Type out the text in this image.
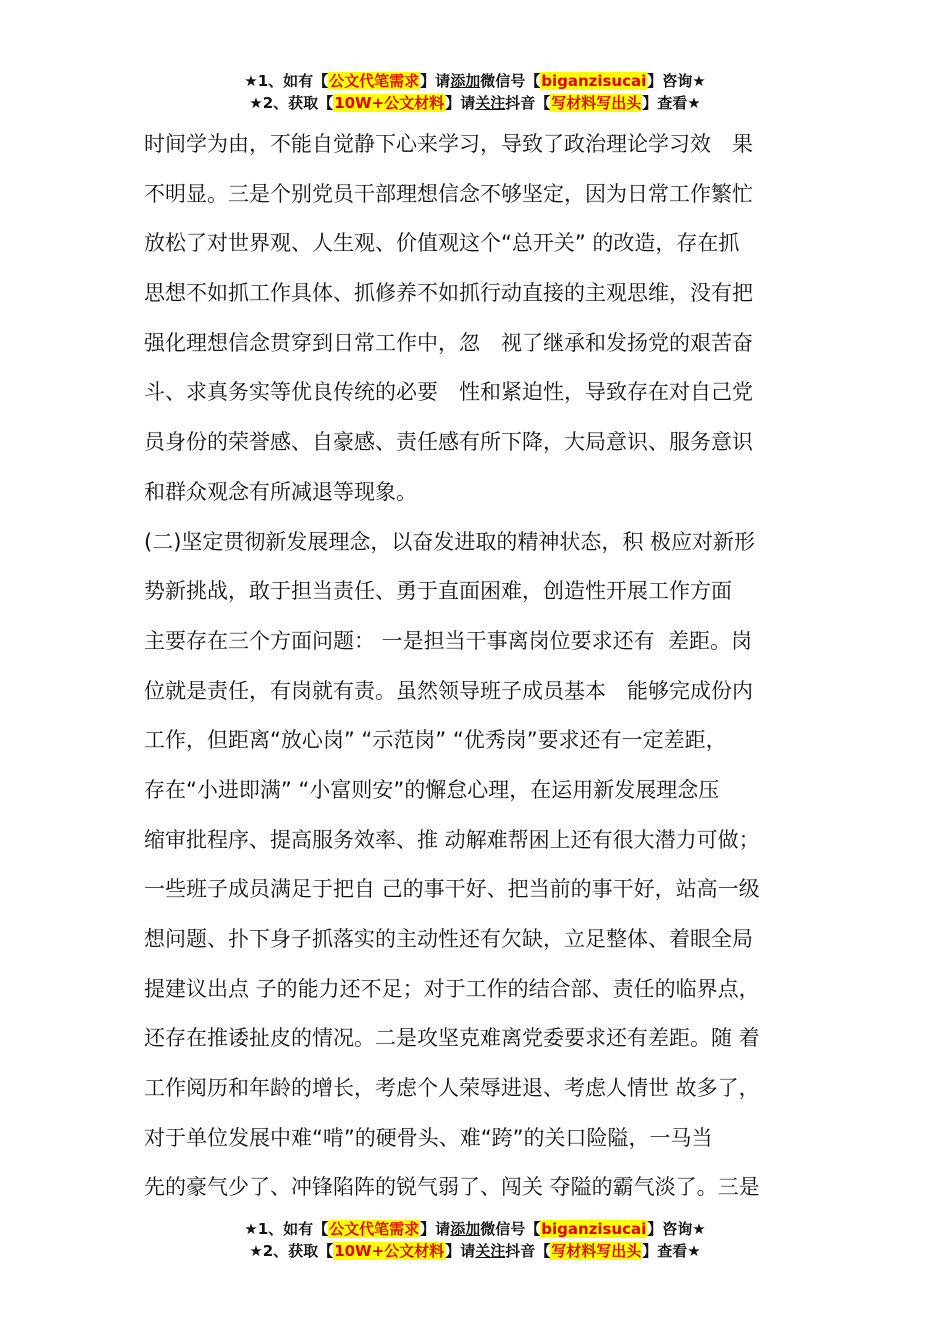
★1、如有【公文代笔需求】请添加微信号【biganzisucai】咨询★
★2、获取【10W+公文材料】请关注抖音【写材料写出头】查看★
时间学为由，不能自觉静下心来学习，导致了政治理论学习效　果
不明显。三是个别党员干部理想信念不够坚定，因为日常工作繁忙
放松了对世界观、人生观、价值观这个“总开关” 的改造，存在抓
思想不如抓工作具体、抓修养不如抓行动直接的主观思维，没有把
强化理想信念贯穿到日常工作中，忽　视了继承和发扬党的艰苦奋
斗、求真务实等优良传统的必要　性和紧迫性，导致存在对自己党
员身份的荣誉感、自豪感、责任感有所下降，大局意识、服务意识
和群众观念有所减退等现象。
(二)坚定贯彻新发展理念，以奋发进取的精神状态，积 极应对新形
势新挑战，敢于担当责任、勇于直面困难，创造性开展工作方面
主要存在三个方面问题： 一是担当干事离岗位要求还有  差距。岗
位就是责任，有岗就有责。虽然领导班子成员基本　能够完成份内
工作，但距离“放心岗” “示范岗” “优秀岗”要求还有一定差距，
存在“小进即满” “小富则安”的懈怠心理，在运用新发展理念压
缩审批程序、提高服务效率、推 动解难帮困上还有很大潜力可做；
一些班子成员满足于把自 己的事干好、把当前的事干好，站高一级
想问题、扑下身子抓落实的主动性还有欠缺，立足整体、着眼全局
提建议出点 子的能力还不足；对于工作的结合部、责任的临界点，
还存在推诿扯皮的情况。二是攻坚克难离党委要求还有差距。随 着
工作阅历和年龄的增长，考虑个人荣辱进退、考虑人情世 故多了，
对于单位发展中难“啃”的硬骨头、难“跨”的关口险隘，一马当
先的豪气少了、冲锋陷阵的锐气弱了、闯关 夺隘的霸气淡了。三是
★1、如有【公文代笔需求】请添加微信号【biganzisucai】咨询★
★2、获取【10W+公文材料】请关注抖音【写材料写出头】查看★
